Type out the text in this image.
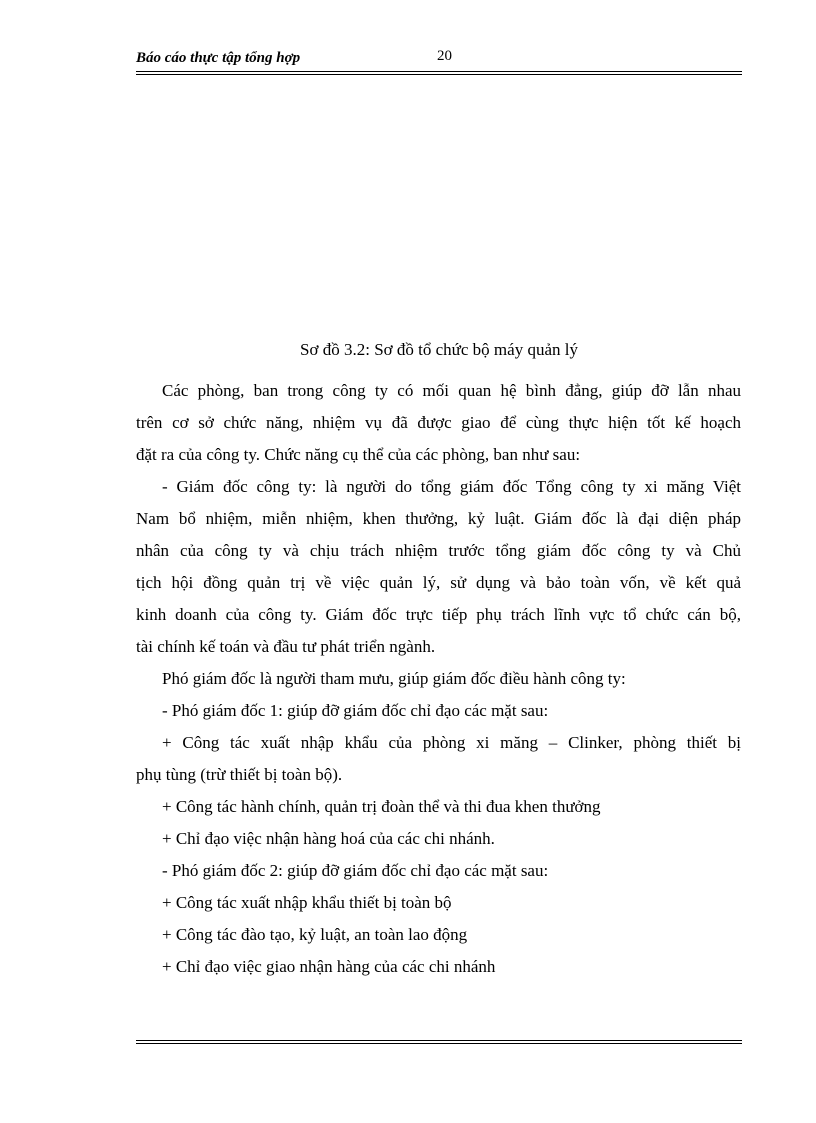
Báo cáo thực tập tổng hợp	20
Sơ đồ 3.2: Sơ đồ tổ chức bộ máy quản lý
Các phòng, ban trong công ty có mối quan hệ bình đẳng, giúp đỡ lẫn nhau
trên cơ sở chức năng, nhiệm vụ đã được giao để cùng thực hiện tốt kế hoạch
đặt ra của công ty. Chức năng cụ thể của các phòng, ban như sau:
- Giám đốc công ty: là người do tổng giám đốc Tổng công ty xi măng Việt
Nam bổ nhiệm, miễn nhiệm, khen thưởng, kỷ luật. Giám đốc là đại diện pháp
nhân của công ty và chịu trách nhiệm trước tổng giám đốc công ty và Chủ
tịch hội đồng quản trị về việc quản lý, sử dụng và bảo toàn vốn, về kết quả
kinh doanh của công ty. Giám đốc trực tiếp phụ trách lĩnh vực tổ chức cán bộ,
tài chính kế toán và đầu tư phát triển ngành.
Phó giám đốc là người tham mưu, giúp giám đốc điều hành công ty:
- Phó giám đốc 1: giúp đỡ giám đốc chỉ đạo các mặt sau:
+ Công tác xuất nhập khẩu của phòng xi măng – Clinker, phòng thiết bị
phụ tùng (trừ thiết bị toàn bộ).
+ Công tác hành chính, quản trị đoàn thể và thi đua khen thưởng
+ Chỉ đạo việc nhận hàng hoá của các chi nhánh.
- Phó giám đốc 2: giúp đỡ giám đốc chỉ đạo các mặt sau:
+ Công tác xuất nhập khẩu thiết bị toàn bộ
+ Công tác đào tạo, kỷ luật, an toàn lao động
+ Chỉ đạo việc giao nhận hàng của các chi nhánh
